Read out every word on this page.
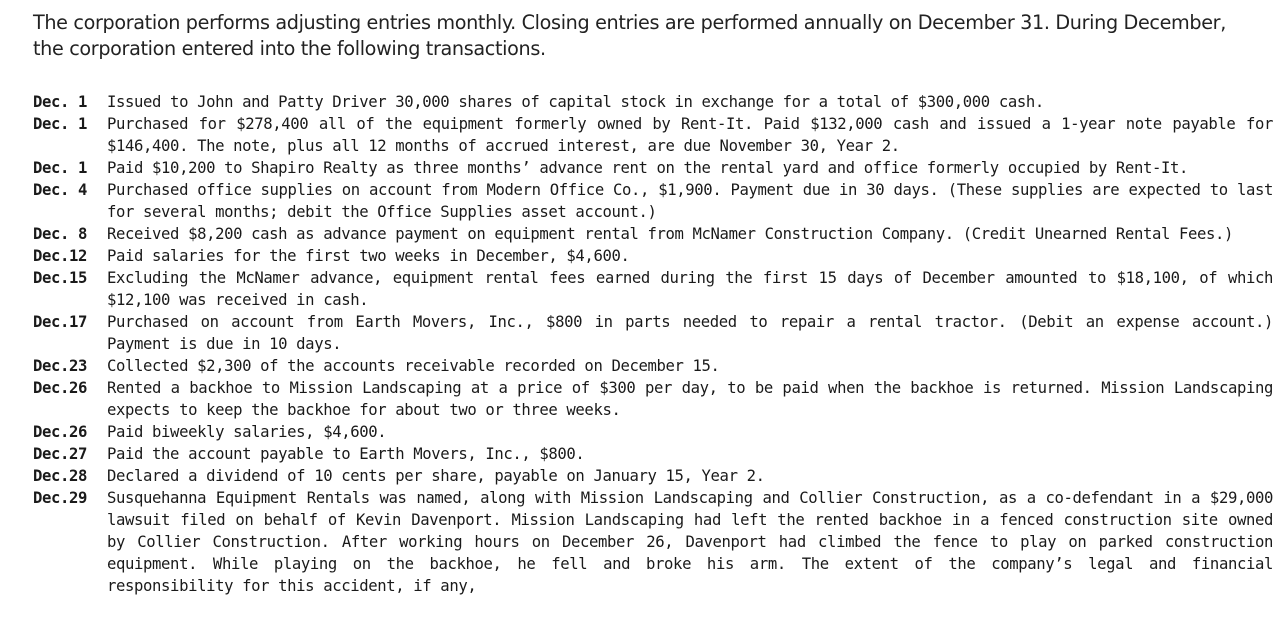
The corporation performs adjusting entries monthly. Closing entries are performed annually on December 31. During December, the corporation entered into the following transactions.
Dec. 1	Issued to John and Patty Driver 30,000 shares of capital stock in exchange for a total of $300,000 cash.
Dec. 1	Purchased for $278,400 all of the equipment formerly owned by Rent-It. Paid $132,000 cash and issued a 1-year note payable for $146,400. The note, plus all 12 months of accrued interest, are due November 30, Year 2.
Dec. 1	Paid $10,200 to Shapiro Realty as three months’ advance rent on the rental yard and office formerly occupied by Rent-It.
Dec. 4	Purchased office supplies on account from Modern Office Co., $1,900. Payment due in 30 days. (These supplies are expected to last for several months; debit the Office Supplies asset account.)
Dec. 8	Received $8,200 cash as advance payment on equipment rental from McNamer Construction Company. (Credit Unearned Rental Fees.)
Dec.12	Paid salaries for the first two weeks in December, $4,600.
Dec.15	Excluding the McNamer advance, equipment rental fees earned during the first 15 days of December amounted to $18,100, of which $12,100 was received in cash.
Dec.17	Purchased on account from Earth Movers, Inc., $800 in parts needed to repair a rental tractor. (Debit an expense account.) Payment is due in 10 days.
Dec.23	Collected $2,300 of the accounts receivable recorded on December 15.
Dec.26	Rented a backhoe to Mission Landscaping at a price of $300 per day, to be paid when the backhoe is returned. Mission Landscaping expects to keep the backhoe for about two or three weeks.
Dec.26	Paid biweekly salaries, $4,600.
Dec.27	Paid the account payable to Earth Movers, Inc., $800.
Dec.28	Declared a dividend of 10 cents per share, payable on January 15, Year 2.
Dec.29	Susquehanna Equipment Rentals was named, along with Mission Landscaping and Collier Construction, as a co-defendant in a $29,000 lawsuit filed on behalf of Kevin Davenport. Mission Landscaping had left the rented backhoe in a fenced construction site owned by Collier Construction. After working hours on December 26, Davenport had climbed the fence to play on parked construction equipment. While playing on the backhoe, he fell and broke his arm. The extent of the company’s legal and financial responsibility for this accident, if any,
